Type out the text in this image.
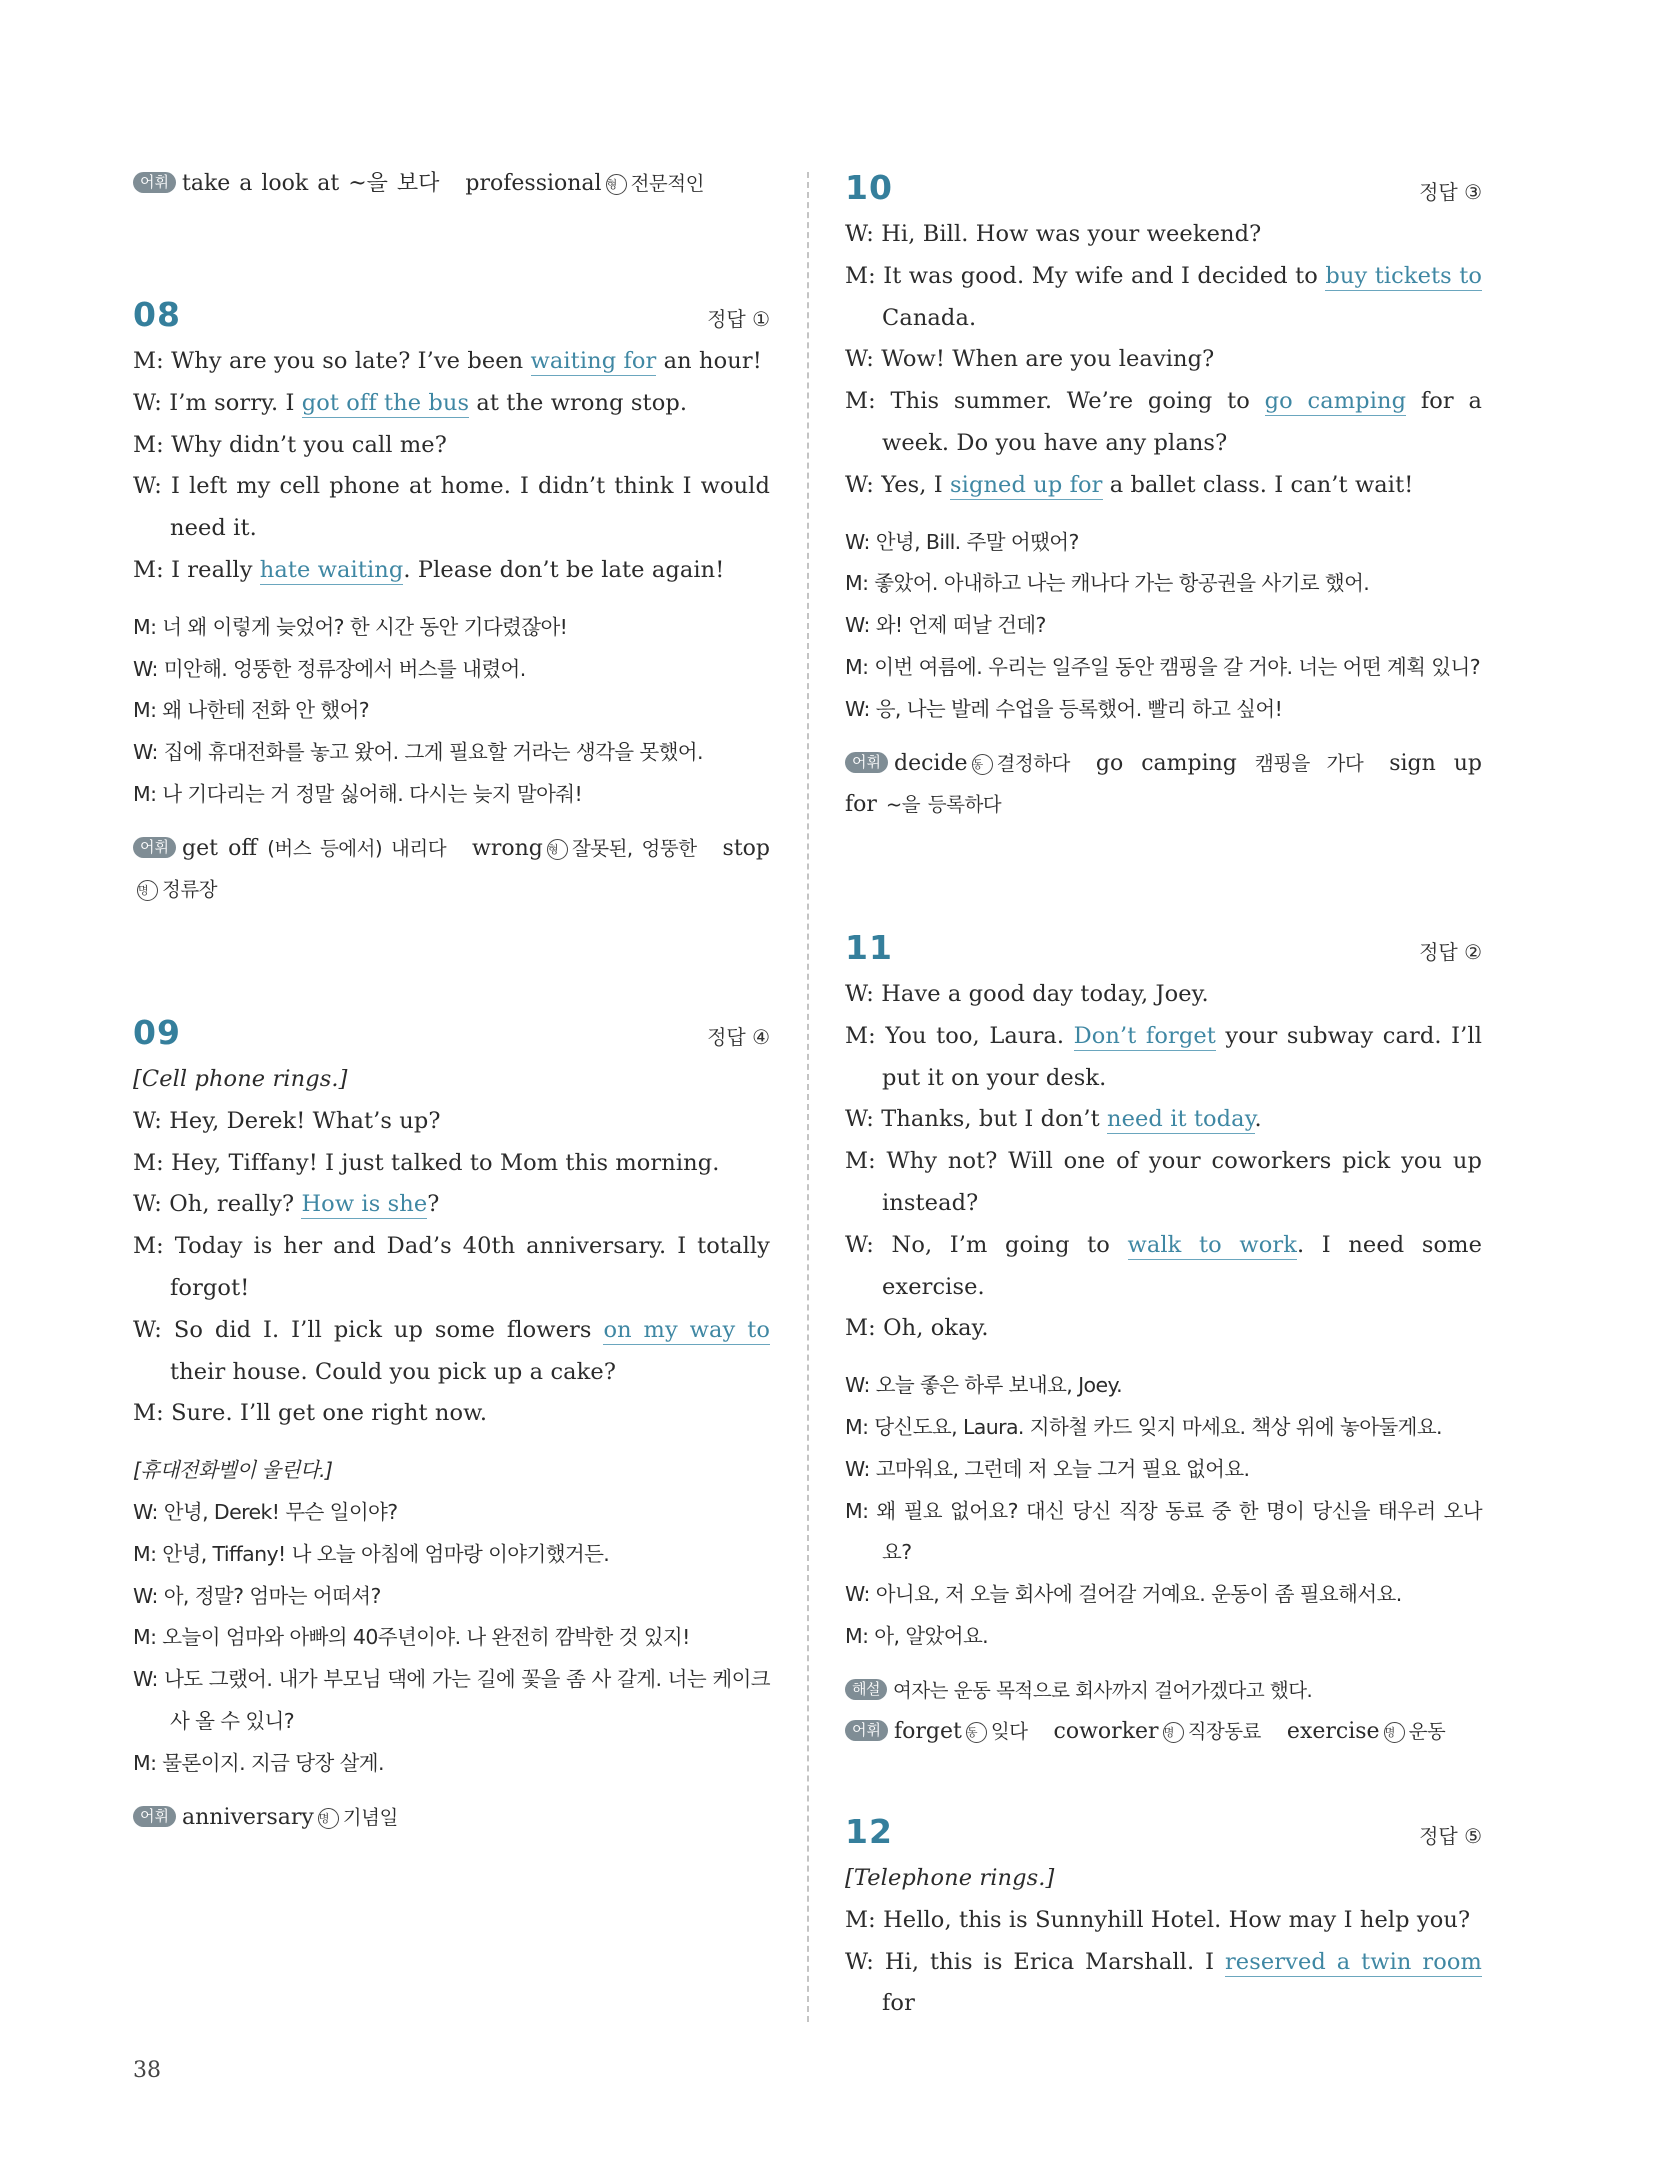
어휘 take a look at ~을 보다 professional 형 전문적인
08	정답 ①
M: Why are you so late? I’ve been waiting for an hour!
W: I’m sorry. I got off the bus at the wrong stop.
M: Why didn’t you call me?
W: I left my cell phone at home. I didn’t think I would need it.
M: I really hate waiting. Please don’t be late again!
M: 너 왜 이렇게 늦었어? 한 시간 동안 기다렸잖아!
W: 미안해. 엉뚱한 정류장에서 버스를 내렸어.
M: 왜 나한테 전화 안 했어?
W: 집에 휴대전화를 놓고 왔어. 그게 필요할 거라는 생각을 못했어.
M: 나 기다리는 거 정말 싫어해. 다시는 늦지 말아줘!
어휘 get off (버스 등에서) 내리다 wrong 형 잘못된, 엉뚱한 stop 명 정류장
09	정답 ④
[Cell phone rings.]
W: Hey, Derek! What’s up?
M: Hey, Tiffany! I just talked to Mom this morning.
W: Oh, really? How is she?
M: Today is her and Dad’s 40th anniversary. I totally forgot!
W: So did I. I’ll pick up some flowers on my way to their house. Could you pick up a cake?
M: Sure. I’ll get one right now.
[휴대전화벨이 울린다.]
W: 안녕, Derek! 무슨 일이야?
M: 안녕, Tiffany! 나 오늘 아침에 엄마랑 이야기했거든.
W: 아, 정말? 엄마는 어떠셔?
M: 오늘이 엄마와 아빠의 40주년이야. 나 완전히 깜박한 것 있지!
W: 나도 그랬어. 내가 부모님 댁에 가는 길에 꽃을 좀 사 갈게. 너는 케이크 사 올 수 있니?
M: 물론이지. 지금 당장 살게.
어휘 anniversary 명 기념일
10	정답 ③
W: Hi, Bill. How was your weekend?
M: It was good. My wife and I decided to buy tickets to Canada.
W: Wow! When are you leaving?
M: This summer. We’re going to go camping for a week. Do you have any plans?
W: Yes, I signed up for a ballet class. I can’t wait!
W: 안녕, Bill. 주말 어땠어?
M: 좋았어. 아내하고 나는 캐나다 가는 항공권을 사기로 했어.
W: 와! 언제 떠날 건데?
M: 이번 여름에. 우리는 일주일 동안 캠핑을 갈 거야. 너는 어떤 계획 있니?
W: 응, 나는 발레 수업을 등록했어. 빨리 하고 싶어!
어휘 decide 동 결정하다 go camping 캠핑을 가다 sign up for ~을 등록하다
11	정답 ②
W: Have a good day today, Joey.
M: You too, Laura. Don’t forget your subway card. I’ll put it on your desk.
W: Thanks, but I don’t need it today.
M: Why not? Will one of your coworkers pick you up instead?
W: No, I’m going to walk to work. I need some exercise.
M: Oh, okay.
W: 오늘 좋은 하루 보내요, Joey.
M: 당신도요, Laura. 지하철 카드 잊지 마세요. 책상 위에 놓아둘게요.
W: 고마워요, 그런데 저 오늘 그거 필요 없어요.
M: 왜 필요 없어요? 대신 당신 직장 동료 중 한 명이 당신을 태우러 오나요?
W: 아니요, 저 오늘 회사에 걸어갈 거예요. 운동이 좀 필요해서요.
M: 아, 알았어요.
해설 여자는 운동 목적으로 회사까지 걸어가겠다고 했다.
어휘 forget 동 잊다 coworker 명 직장동료 exercise 명 운동
12	정답 ⑤
[Telephone rings.]
M: Hello, this is Sunnyhill Hotel. How may I help you?
W: Hi, this is Erica Marshall. I reserved a twin room for
38
